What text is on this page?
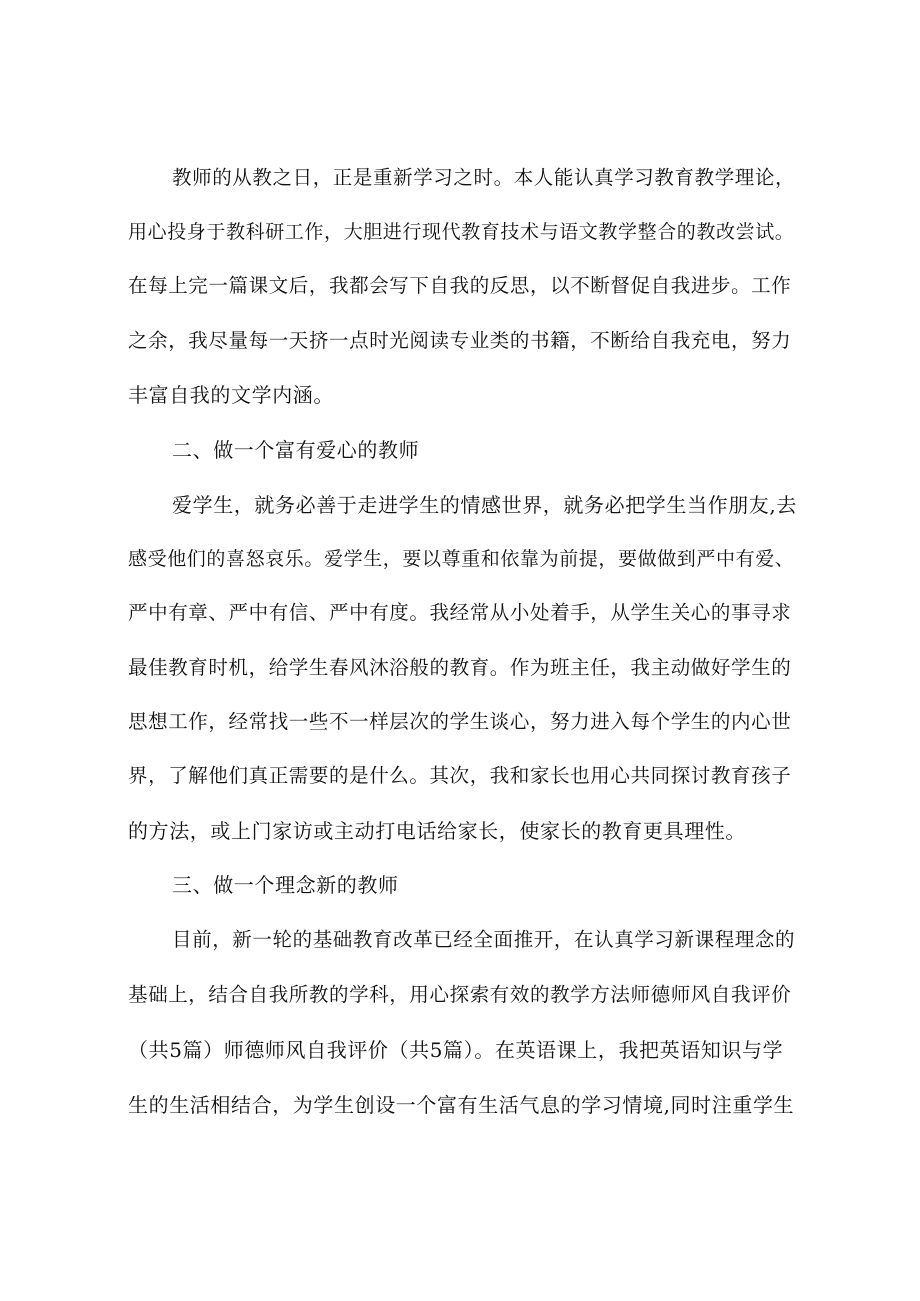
教师的从教之日，正是重新学习之时。本人能认真学习教育教学理论，
用心投身于教科研工作，大胆进行现代教育技术与语文教学整合的教改尝试。
在每上完一篇课文后，我都会写下自我的反思，以不断督促自我进步。工作
之余，我尽量每一天挤一点时光阅读专业类的书籍，不断给自我充电，努力
丰富自我的文学内涵。
二、做一个富有爱心的教师
爱学生，就务必善于走进学生的情感世界，就务必把学生当作朋友,去
感受他们的喜怒哀乐。爱学生，要以尊重和依靠为前提，要做做到严中有爱、
严中有章、严中有信、严中有度。我经常从小处着手，从学生关心的事寻求
最佳教育时机，给学生春风沐浴般的教育。作为班主任，我主动做好学生的
思想工作，经常找一些不一样层次的学生谈心，努力进入每个学生的内心世
界，了解他们真正需要的是什么。其次，我和家长也用心共同探讨教育孩子
的方法，或上门家访或主动打电话给家长，使家长的教育更具理性。
三、做一个理念新的教师
目前，新一轮的基础教育改革已经全面推开，在认真学习新课程理念的
基础上，结合自我所教的学科，用心探索有效的教学方法师德师风自我评价
（共5篇）师德师风自我评价（共5篇）。在英语课上，我把英语知识与学
生的生活相结合，为学生创设一个富有生活气息的学习情境,同时注重学生
